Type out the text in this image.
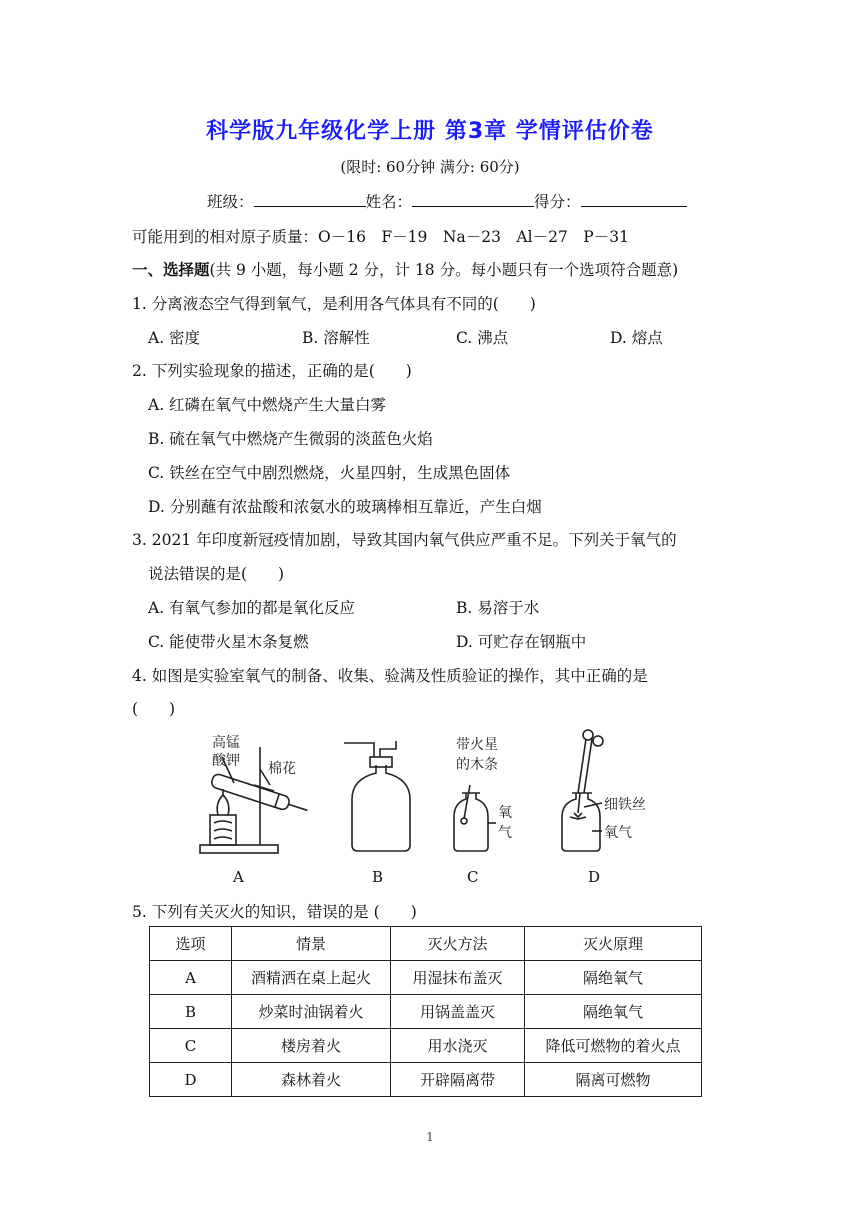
科学版九年级化学上册 第3章 学情评估价卷
(限时: 60分钟 满分: 60分)
班级：	姓名：	得分：
可能用到的相对原子质量：O－16　F－19　Na－23　Al－27　P－31
一、选择题(共 9 小题，每小题 2 分，计 18 分。每小题只有一个选项符合题意)
1. 分离液态空气得到氧气，是利用各气体具有不同的(　　)
A. 密度	B. 溶解性	C. 沸点	D. 熔点
2. 下列实验现象的描述，正确的是(　　)
A. 红磷在氧气中燃烧产生大量白雾
B. 硫在氧气中燃烧产生微弱的淡蓝色火焰
C. 铁丝在空气中剧烈燃烧，火星四射，生成黑色固体
D. 分别蘸有浓盐酸和浓氨水的玻璃棒相互靠近，产生白烟
3. 2021 年印度新冠疫情加剧，导致其国内氧气供应严重不足。下列关于氧气的
说法错误的是(　　)
A. 有氧气参加的都是氧化反应	B. 易溶于水
C. 能使带火星木条复燃	D. 可贮存在钢瓶中
4. 如图是实验室氧气的制备、收集、验满及性质验证的操作，其中正确的是
(　　)
高锰
酸钾 棉花
带火星
的木条
氧
气
细铁丝
氧气
A	B	C	D
5. 下列有关灭火的知识，错误的是 (　　)
选项	情景	灭火方法	灭火原理
A	酒精洒在桌上起火	用湿抹布盖灭	隔绝氧气
B	炒菜时油锅着火	用锅盖盖灭	隔绝氧气
C	楼房着火	用水浇灭	降低可燃物的着火点
D	森林着火	开辟隔离带	隔离可燃物
1
